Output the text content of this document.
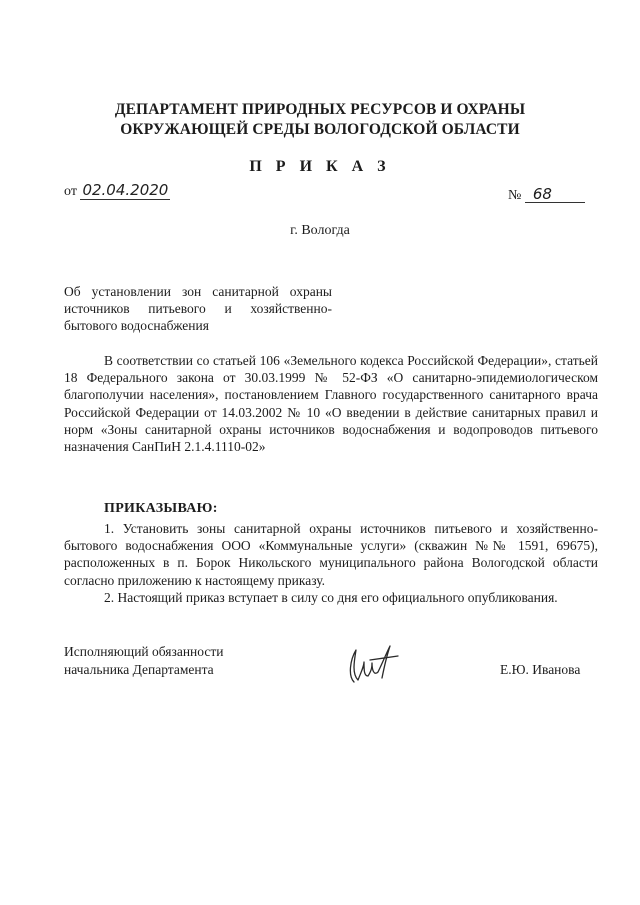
ДЕПАРТАМЕНТ ПРИРОДНЫХ РЕСУРСОВ И ОХРАНЫ
ОКРУЖАЮЩЕЙ СРЕДЫ ВОЛОГОДСКОЙ ОБЛАСТИ
П Р И К А З
от 02.04.2020	№ 68
г. Вологда
Об установлении зон санитарной охраны источников питьевого и хозяйственно-бытового водоснабжения
В соответствии со статьей 106 «Земельного кодекса Российской Федерации», статьей 18 Федерального закона от 30.03.1999 № 52-ФЗ «О санитарно-эпидемиологическом благополучии населения», постановлением Главного государственного санитарного врача Российской Федерации от 14.03.2002 № 10 «О введении в действие санитарных правил и норм «Зоны санитарной охраны источников водоснабжения и водопроводов питьевого назначения СанПиН 2.1.4.1110-02»
ПРИКАЗЫВАЮ:

1. Установить зоны санитарной охраны источников питьевого и хозяйственно-бытового водоснабжения ООО «Коммунальные услуги» (скважин №№ 1591, 69675), расположенных в п. Борок Никольского муниципального района Вологодской области согласно приложению к настоящему приказу.

2. Настоящий приказ вступает в силу со дня его официального опубликования.

Исполняющий обязанности
начальника Департамента	Е.Ю. Иванова
